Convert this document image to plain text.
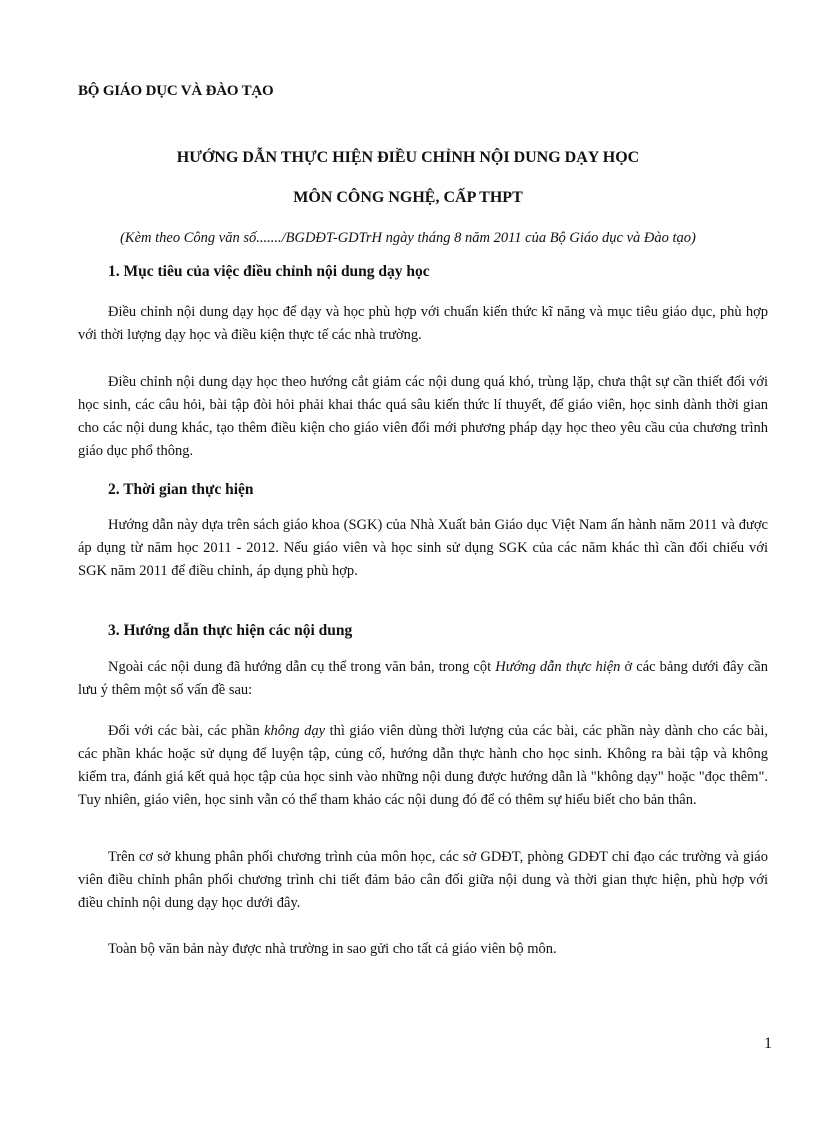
BỘ GIÁO DỤC VÀ ĐÀO TẠO
HƯỚNG DẪN THỰC HIỆN ĐIỀU CHỈNH NỘI DUNG DẠY HỌC
MÔN CÔNG NGHỆ, CẤP THPT
(Kèm theo Công văn số......./BGDĐT-GDTrH ngày tháng 8 năm 2011 của Bộ Giáo dục và Đào tạo)
1. Mục tiêu của việc điều chỉnh nội dung dạy học
Điều chỉnh nội dung dạy học để dạy và học phù hợp với chuẩn kiến thức kĩ năng và mục tiêu giáo dục, phù hợp với thời lượng dạy học và điều kiện thực tế các nhà trường.
Điều chỉnh nội dung dạy học theo hướng cắt giảm các nội dung quá khó, trùng lặp, chưa thật sự cần thiết đối với học sinh, các câu hỏi, bài tập đòi hỏi phải khai thác quá sâu kiến thức lí thuyết, để giáo viên, học sinh dành thời gian cho các nội dung khác, tạo thêm điều kiện cho giáo viên đổi mới phương pháp dạy học theo yêu cầu của chương trình giáo dục phổ thông.
2. Thời gian thực hiện
Hướng dẫn này dựa trên sách giáo khoa (SGK) của Nhà Xuất bản Giáo dục Việt Nam ấn hành năm 2011 và được áp dụng từ năm học 2011 - 2012. Nếu giáo viên và học sinh sử dụng SGK của các năm khác thì cần đối chiếu với SGK năm 2011 để điều chỉnh, áp dụng phù hợp.
3. Hướng dẫn thực hiện các nội dung
Ngoài các nội dung đã hướng dẫn cụ thể trong văn bản, trong cột Hướng dẫn thực hiện ở các bảng dưới đây cần lưu ý thêm một số vấn đề sau:
Đối với các bài, các phần không dạy thì giáo viên dùng thời lượng của các bài, các phần này dành cho các bài, các phần khác hoặc sử dụng để luyện tập, củng cố, hướng dẫn thực hành cho học sinh. Không ra bài tập và không kiểm tra, đánh giá kết quả học tập của học sinh vào những nội dung được hướng dẫn là "không dạy" hoặc "đọc thêm". Tuy nhiên, giáo viên, học sinh vẫn có thể tham khảo các nội dung đó để có thêm sự hiểu biết cho bản thân.
Trên cơ sở khung phân phối chương trình của môn học, các sở GDĐT, phòng GDĐT chỉ đạo các trường và giáo viên điều chỉnh phân phối chương trình chi tiết đảm bảo cân đối giữa nội dung và thời gian thực hiện, phù hợp với điều chỉnh nội dung dạy học dưới đây.
Toàn bộ văn bản này được nhà trường in sao gửi cho tất cả giáo viên bộ môn.
1
